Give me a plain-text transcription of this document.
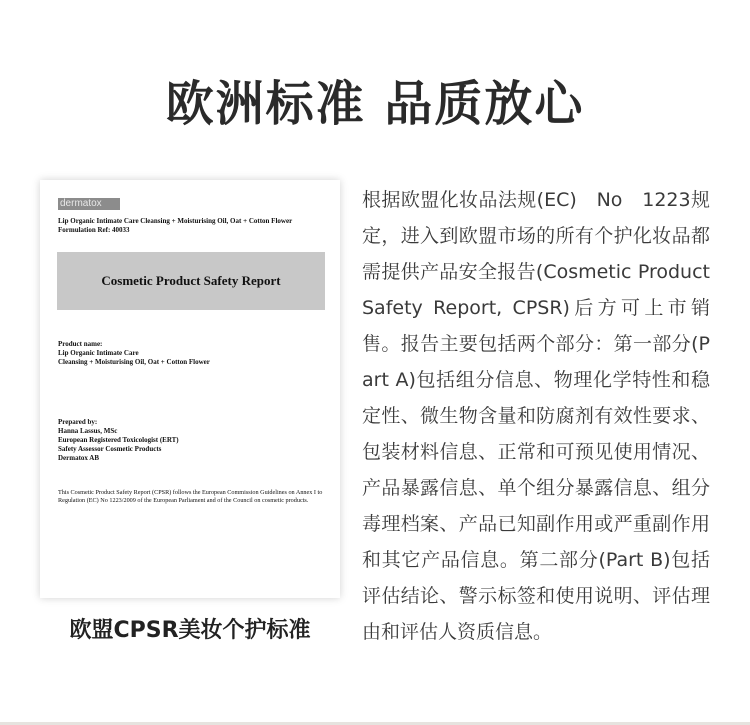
欧洲标准 品质放心
dermatox
Lip Organic Intimate Care Cleansing + Moisturising Oil, Oat + Cotton Flower
Formulation Ref: 40033
Cosmetic Product Safety Report
Product name:
Lip Organic Intimate Care
Cleansing + Moisturising Oil, Oat + Cotton Flower
Prepared by:
Hanna Lassus, MSc
European Registered Toxicologist (ERT)
Safety Assessor Cosmetic Products
Dermatox AB
This Cosmetic Product Safety Report (CPSR) follows the European Commission Guidelines on Annex I to Regulation (EC) No 1223/2009 of the European Parliament and of the Council on cosmetic products.
欧盟CPSR美妆个护标准
根据欧盟化妆品法规(EC)　No　1223规定，进入到欧盟市场的所有个护化妆品都需提供产品安全报告(Cosmetic Product Safety Report, CPSR)后方可上市销售。报告主要包括两个部分：第一部分(Part A)包括组分信息、物理化学特性和稳定性、微生物含量和防腐剂有效性要求、包装材料信息、正常和可预见使用情况、产品暴露信息、单个组分暴露信息、组分毒理档案、产品已知副作用或严重副作用和其它产品信息。第二部分(Part B)包括评估结论、警示标签和使用说明、评估理由和评估人资质信息。
